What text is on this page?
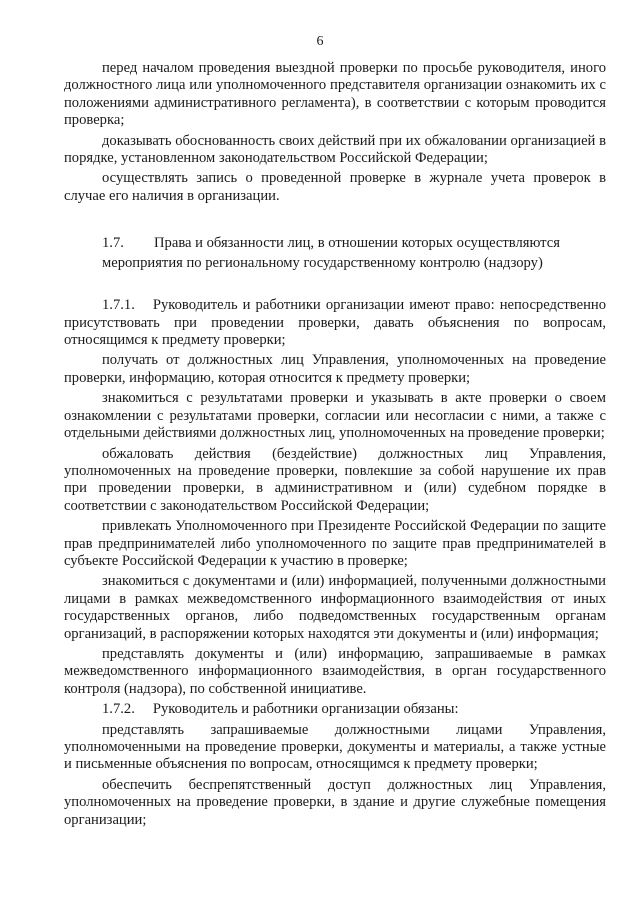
6

перед началом проведения выездной проверки по просьбе руководителя, иного должностного лица или уполномоченного представителя организации ознакомить их с положениями административного регламента), в соответствии с которым проводится проверка;

доказывать обоснованность своих действий при их обжаловании организацией в порядке, установленном законодательством Российской Федерации;

осуществлять запись о проведенной проверке в журнале учета проверок в случае его наличия в организации.

1.7. Права и обязанности лиц, в отношении которых осуществляются
мероприятия по региональному государственному контролю (надзору)

1.7.1. Руководитель и работники организации имеют право: непосредственно присутствовать при проведении проверки, давать объяснения по вопросам, относящимся к предмету проверки;

получать от должностных лиц Управления, уполномоченных на проведение проверки, информацию, которая относится к предмету проверки;

знакомиться с результатами проверки и указывать в акте проверки о своем ознакомлении с результатами проверки, согласии или несогласии с ними, а также с отдельными действиями должностных лиц, уполномоченных на проведение проверки;

обжаловать действия (бездействие) должностных лиц Управления, уполномоченных на проведение проверки, повлекшие за собой нарушение их прав при проведении проверки, в административном и (или) судебном порядке в соответствии с законодательством Российской Федерации;

привлекать Уполномоченного при Президенте Российской Федерации по защите прав предпринимателей либо уполномоченного по защите прав предпринимателей в субъекте Российской Федерации к участию в проверке;

знакомиться с документами и (или) информацией, полученными должностными лицами в рамках межведомственного информационного взаимодействия от иных государственных органов, либо подведомственных государственным органам организаций, в распоряжении которых находятся эти документы и (или) информация;

представлять документы и (или) информацию, запрашиваемые в рамках межведомственного информационного взаимодействия, в орган государственного контроля (надзора), по собственной инициативе.

1.7.2. Руководитель и работники организации обязаны:

представлять запрашиваемые должностными лицами Управления, уполномоченными на проведение проверки, документы и материалы, а также устные и письменные объяснения по вопросам, относящимся к предмету проверки;

обеспечить беспрепятственный доступ должностных лиц Управления, уполномоченных на проведение проверки, в здание и другие служебные помещения организации;
